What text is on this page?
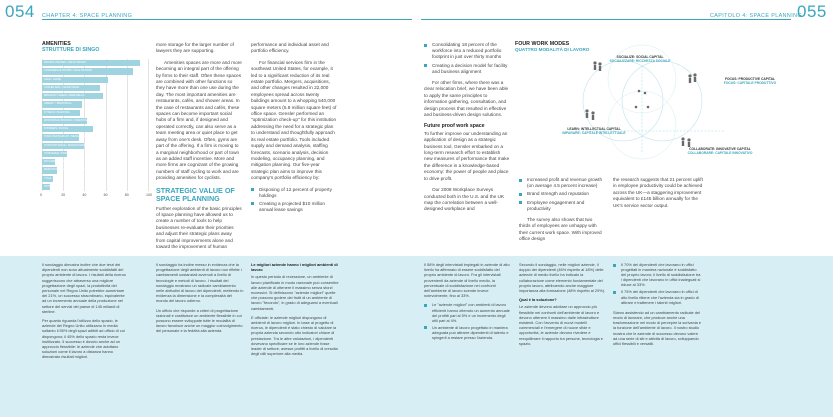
054 CHAPTER 4: SPACE PLANNING	055
CAPITOLO 4: SPACE PLANNING
AMENITIES
STRUTTURE DI SINGO
0	20	40	60	80	100
PRIVATE OFFICES / UFFICI PRIVATI
CONFERENCE ROOMS / SALE RIUNIONI
CAFE / CAFFÈ
COFFEE BAR / CAFFETTERIA
BREAKOUT AREAS / AREE RELAX
LIBRARY / BIBLIOTECA
FITNESS / PALESTRA
WORKSPACE BOOKING / PRENOTAZIONE POSTAZIONI
SHOWERS / DOCCE
STAFF RESTAURANT / MENSA AZIENDALE
OUTDOOR SPACE / SPAZIO ESTERNO
CONCIERGE / PORTINERIA
DAYCARE / ASILO NIDO
MEDITATION ROOM / SALA MEDITAZIONE
YOGA / YOGA
OTHER / ALTRO

more storage for the larger number of lawyers they are supporting.

Amenities spaces are more and more becoming an integral part of the offering by firms to their staff. Often these spaces are combined with other functions so they have more than one use during the day. The most important amenities are restaurants, cafés, and shower areas. In the case of restaurants and cafés, these spaces can become important social hubs of a firm and, if designed and operated correctly, can also serve as a team meeting area or quiet place to get away from one's desk. Often, gyms are part of the offering. If a firm is moving to a marginal neighborhood or part of town as an added staff incentive. More and more firms are cognizant of the growing numbers of staff cycling to work and are providing amenities for cyclists.

STRATEGIC VALUE OF SPACE PLANNING

Further exploration of the basic principles of space planning have allowed us to create a number of tools to help businesses re-evaluate their priorities and adjust their strategic plans away from capital improvements alone and toward the improvement of human

performance and individual asset and portfolio efficiency.

For financial services firm in the southeast United States, for example, it led to a significant reduction of its real estate portfolio. Mergers, acquisitions, and other changes resulted in 22,000 employees spread across twenty buildings amount to a whopping 540,000 square meters (5.8 million square feet) of office space. Gensler performed an "optimization check-up" for this institution addressing the need for a strategic plan to understand and thoughtfully approach its real estate portfolio. Tools included supply and demand analysis, staffing forecasts, scenario analysis, decision modeling, occupancy planning, and mitigation planning. Our five-year strategic plan aims to improve this company's portfolio efficiency by:

Disposing of 12 percent of property holdings
Creating a projected $10 million annual lease savings
Consolidating 18 percent of the workforce into a reduced portfolio footprint in just over thirty months
Creating a decision model for facility and business alignment

For other firms, where there was a clear relocation brief, we have been able to apply the same principles to information gathering, consultation, and design process that resulted in effective and business-driven design solutions.

Future proof work space

To further improve our understanding an application of design as a strategic business tool, Gensler embarked on a long-term research effort to establish new measures of performance that make the difference in a knowledge-based economy: the power of people and place to drive profit.

Our 2008 Workplace Surveys conducted both in the U.S. and the UK map the correlation between a well-designed workplace and

FOUR WORK MODES
QUATTRO MODALITÀ DI LAVORO
SOCIALIZE: SOCIAL CAPITAL
SOCIALIZZARE: RICCHEZZA SOCIALE
FOCUS: PRODUCTIVE CAPITAL
FOCUS: CAPITALE PRODUTTIVO
LEARN: INTELLECTUAL CAPITAL
IMPARARE: CAPITALE INTELLETTUALE
COLLABORATE: INNOVATIVE CAPITAL
COLLABORARE: CAPITALE INNOVATIVO
Increased profit and revenue growth (on average 4.5 percent increase)
Brand strength and reputation
Employee engagement and productivity

The survey also shows that two thirds of employees are unhappy with their current work space. With improved office design

the research suggests that 21 percent uplift in employee productivity could be achieved across the UK—a staggering improvement equivalent to £145 billion annually for the UK's service sector output.

Il sondaggio dimostra inoltre che due terzi dei dipendenti non sono attualmente soddisfatti del proprio ambiente di lavoro. I risultati della ricerca suggeriscono che attraverso una migliore progettazione degli spazi, la produttività del personale nel Regno Unito potrebbe aumentare del 21%, un successo straordinario, equivalente ad un incremento annuale della produzione nel settore dei servizi del paese di 145 miliardi di sterline.

Per quanto riguarda l'utilizzo dello spazio, le aziende del Regno Unito utilizzano in media soltanto il 55% degli spazi adibiti ad ufficio di cui dispongono; il 45% dello spazio resta invece inutilizzato. Il successo è dovuto anche ad un approccio flessibile: le aziende che adottano soluzioni come il lavoro a distanza hanno dimostrato risultati migliori.

Il sondaggio ha inoltre messo in evidenza che la progettazione degli ambienti di lavoro non riflette i cambiamenti sostanziali avvenuti a livello di tecnologie e metodi di lavoro. I risultati del sondaggio mostrano un radicale cambiamento nelle abitudini di lavoro dei dipendenti, mettendo in evidenza la dimensione e la complessità del mondo del lavoro odierno.

Un ufficio che risponde a criteri di progettazione razionali e costituisce un ambiente flessibile in cui possono essere sviluppate tutte le modalità di lavoro favorisce anche un maggior coinvolgimento del personale e la fedeltà alla azienda.

Le migliori aziende hanno i migliori ambienti di lavoro

In questo periodo di recessione, un ambiente di lavoro pianificato in modo razionale può consentire alle aziende di ottenere il massimo senza sforzi eccessivi. Si definiscono "aziende migliori" quelle che possono godere dei frutti di un ambiente di lavoro "fecondo", in grado di adeguarsi a eventuali cambiamenti.

E ufficiale: le aziende migliori dispongono di ambienti di lavoro migliori. In base al progetto di ricerca, le dipendenti è stato chiesto di valutare la propria azienda secondo otto indicatori chiave di prestazione. Tra le altre valutazioni, i dipendenti dovevano specificare se le loro aziende fosse leader di settore, avesse profitti a livello di crescita degli utili superiore alla media.

Il 58% degli intervistati impiegati in aziende di alto livello ha affermato di essere soddisfatto del proprio ambiente di lavoro. Fra gli intervistati provenienti da aziende di livello medio, la percentuale di soddisfazione nei confronti dell'ambiente di lavoro scende invece notevolmente, fino al 33%.

Le "aziende migliori" con ambienti di lavoro efficienti hanno ottenuto un aumento annuale dei profitti pari al 5% e un incremento degli utili pari al 4%.
Un ambiente di lavoro progettato in maniera adeguata può attrarre dipendenti di talento e spingerli a restare presso l'azienda.

Secondo il sondaggio, nelle migliori aziende, il doppio dei dipendenti (46% rispetto al 18%) delle aziende di medio livello ha indicato la collaborazione come elemento fondamentale del proprio lavoro, attribuendo anche maggiore importanza alla formazione (48% rispetto al 29%).

Qual è la soluzione?

Le aziende devono adottare un approccio più flessibile nei confronti dell'ambiente di lavoro e devono ottenere il massimo dalle infrastrutture esistenti. Con l'avvento di nuovi modelli commerciali e l'emergere di nuove sfide e opportunità, le aziende devono rivedere e reequilibrare il rapporto tra persone, tecnologia e spazio.

Il 70% dei dipendenti che lavorano in uffici progettati in maniera razionale è soddisfatto del proprio lavoro; il livello di soddisfazione tra i dipendenti che lavorano in uffici inadeguati si riduce al 33%.
Il 75% dei dipendenti che lavorano in uffici di alto livello ritiene che l'azienda sia in grado di attirare e trattenere i talenti migliori.

Siamo assistendo ad un cambiamento radicale del modo di lavorare, che produce anche una trasformazione nel modo di percepire la scrivania e la funzione dell'ambiente di lavoro. Il nostro studio mostra che le aziende di successo devono valere ad una serie di siti e attività di lavoro, sviluppando uffici flessibili e versatili.
